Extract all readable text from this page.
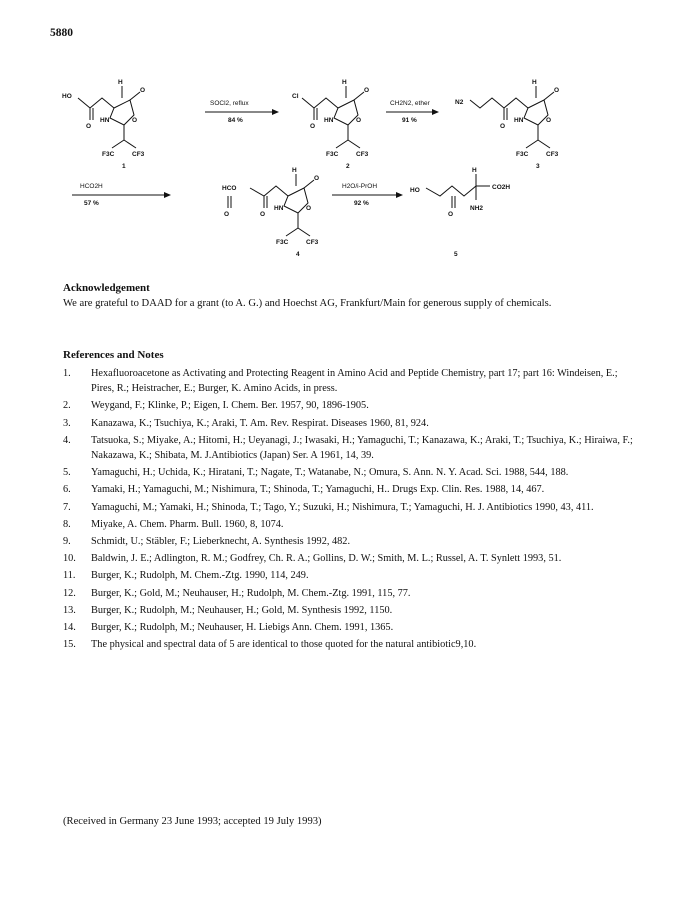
5880
HO
O
H
O
HN	O
F3C	CF3
1
SOCl2, reflux
84 %
Cl
O
H
O
HN	O
F3C	CF3
2
CH2N2, ether
91 %
N2
O
H
O
HN	O
F3C	CF3
3
HCO2H
57 %
HCO
O	O
H
O
HN	O
F3C	CF3
4
H2O/i-PrOH
92 %
HO
O
H
CO2H
NH2
5
Acknowledgement
We are grateful to DAAD for a grant (to A. G.) and Hoechst AG, Frankfurt/Main for generous supply of chemicals.
References and Notes
1.	Hexafluoroacetone as Activating and Protecting Reagent in Amino Acid and Peptide Chemistry, part 17; part 16: Windeisen, E.; Pires, R.; Heistracher, E.; Burger, K. Amino Acids, in press.
2.	Weygand, F.; Klinke, P.; Eigen, I. Chem. Ber. 1957, 90, 1896-1905.
3.	Kanazawa, K.; Tsuchiya, K.; Araki, T. Am. Rev. Respirat. Diseases 1960, 81, 924.
4.	Tatsuoka, S.; Miyake, A.; Hitomi, H.; Ueyanagi, J.; Iwasaki, H.; Yamaguchi, T.; Kanazawa, K.; Araki, T.; Tsuchiya, K.; Hiraiwa, F.; Nakazawa, K.; Shibata, M. J.Antibiotics (Japan) Ser. A 1961, 14, 39.
5.	Yamaguchi, H.; Uchida, K.; Hiratani, T.; Nagate, T.; Watanabe, N.; Omura, S. Ann. N. Y. Acad. Sci. 1988, 544, 188.
6.	Yamaki, H.; Yamaguchi, M.; Nishimura, T.; Shinoda, T.; Yamaguchi, H.. Drugs Exp. Clin. Res. 1988, 14, 467.
7.	Yamaguchi, M.; Yamaki, H.; Shinoda, T.; Tago, Y.; Suzuki, H.; Nishimura, T.; Yamaguchi, H. J. Antibiotics 1990, 43, 411.
8.	Miyake, A. Chem. Pharm. Bull. 1960, 8, 1074.
9.	Schmidt, U.; Stäbler, F.; Lieberknecht, A. Synthesis 1992, 482.
10.	Baldwin, J. E.; Adlington, R. M.; Godfrey, Ch. R. A.; Gollins, D. W.; Smith, M. L.; Russel, A. T. Synlett 1993, 51.
11.	Burger, K.; Rudolph, M. Chem.-Ztg. 1990, 114, 249.
12.	Burger, K.; Gold, M.; Neuhauser, H.; Rudolph, M. Chem.-Ztg. 1991, 115, 77.
13.	Burger, K.; Rudolph, M.; Neuhauser, H.; Gold, M. Synthesis 1992, 1150.
14.	Burger, K.; Rudolph, M.; Neuhauser, H. Liebigs Ann. Chem. 1991, 1365.
15.	The physical and spectral data of 5 are identical to those quoted for the natural antibiotic9,10.
(Received in Germany 23 June 1993; accepted 19 July 1993)
